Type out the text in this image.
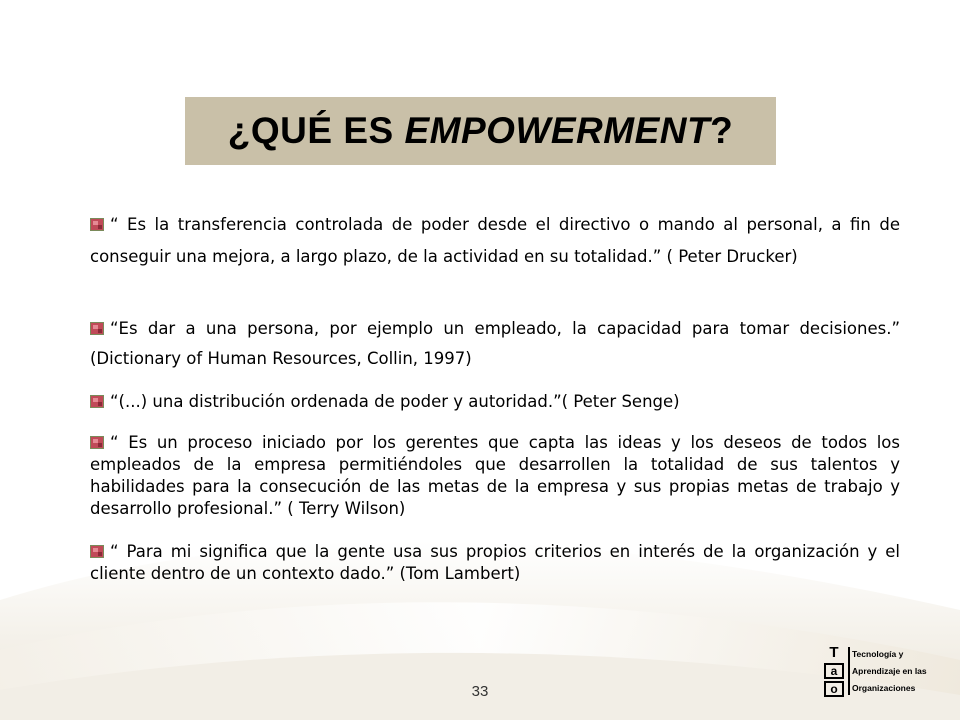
¿QUÉ ES EMPOWERMENT?

“ Es la transferencia controlada de poder desde el directivo o mando al personal, a fin de conseguir una mejora, a largo plazo, de la actividad en su totalidad.” ( Peter Drucker)

“Es dar a una persona, por ejemplo un empleado, la capacidad para tomar decisiones.” (Dictionary of Human Resources, Collin, 1997)

“(...) una distribución ordenada de poder y autoridad.”( Peter Senge)

“ Es un proceso iniciado por los gerentes que capta las ideas y los deseos de todos los empleados de la empresa permitiéndoles que desarrollen la totalidad de sus talentos y habilidades para la consecución de las metas de la empresa y sus propias metas de trabajo y desarrollo profesional.” ( Terry Wilson)

“ Para mi significa que la gente usa sus propios criterios en interés de la organización y el cliente dentro de un contexto dado.” (Tom Lambert)

33
T
a
o
Tecnología y
Aprendizaje en las
Organizaciones
